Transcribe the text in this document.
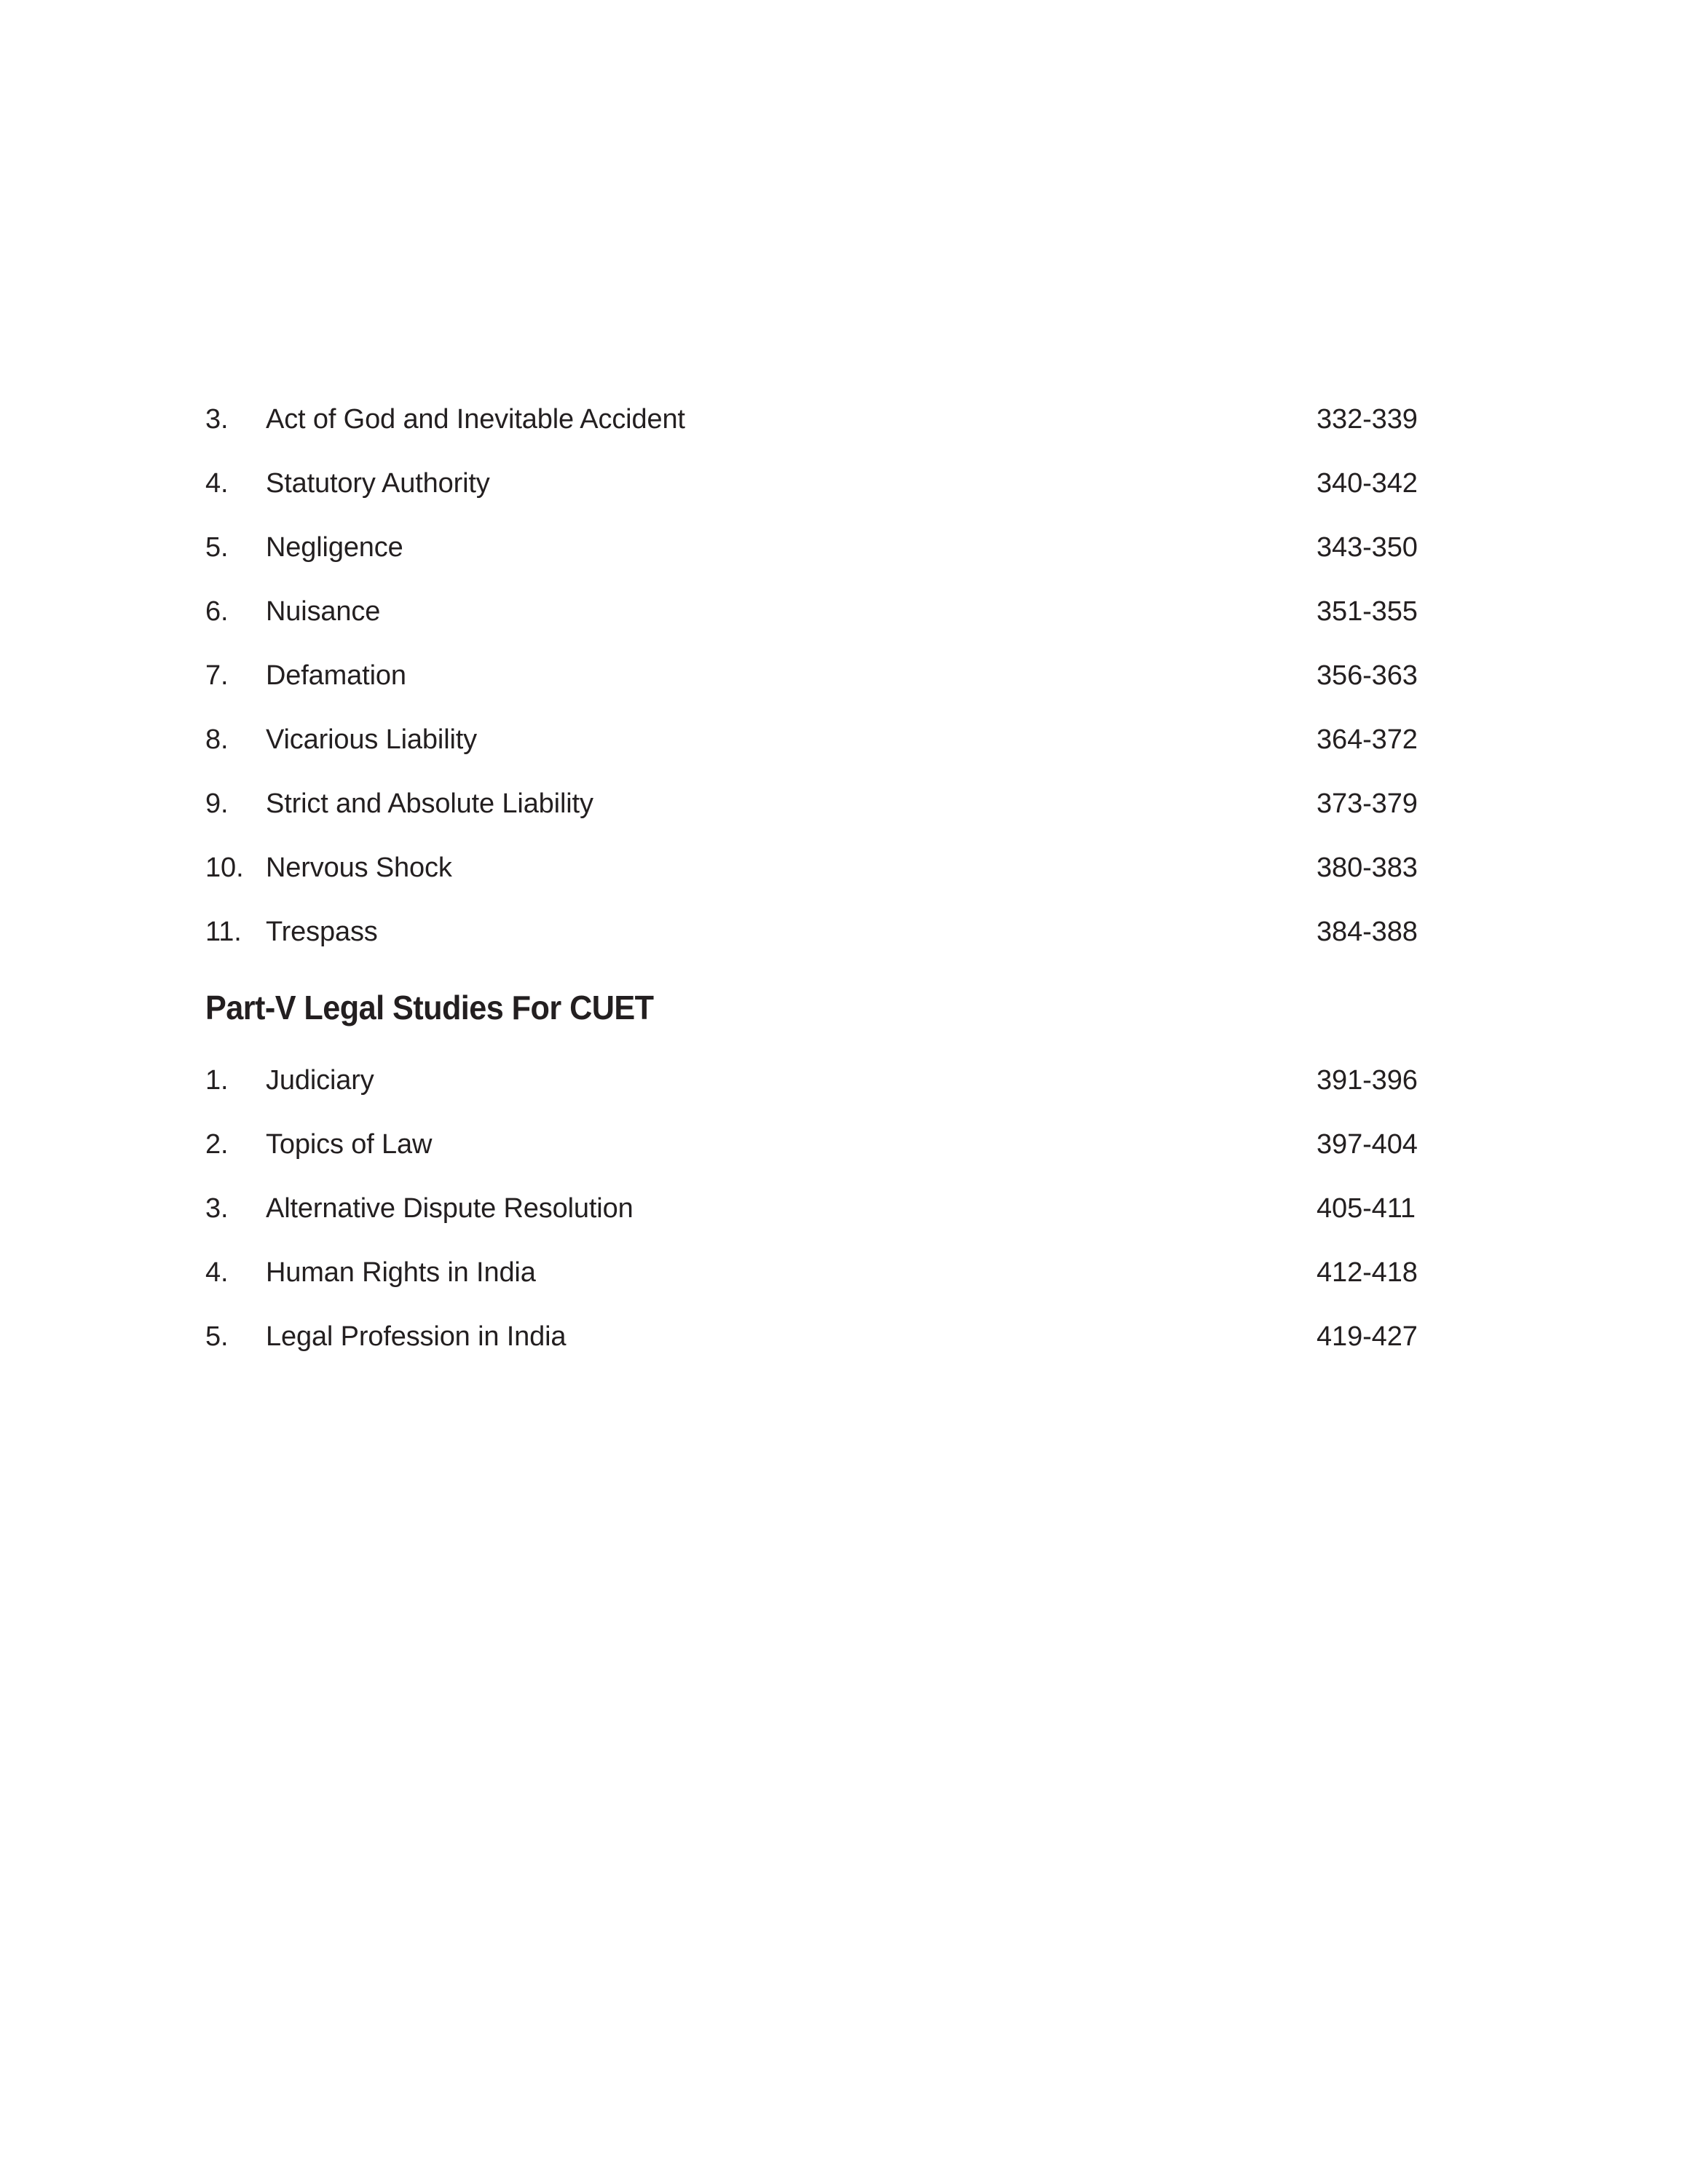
3.	Act of God and Inevitable Accident	332-339
4.	Statutory Authority	340-342
5.	Negligence	343-350
6.	Nuisance	351-355
7.	Defamation	356-363
8.	Vicarious Liability	364-372
9.	Strict and Absolute Liability	373-379
10. Nervous Shock	380-383
11. Trespass	384-388
Part-V Legal Studies For CUET
1.	Judiciary	391-396
2.	Topics of Law	397-404
3.	Alternative Dispute Resolution	405-411
4.	Human Rights in India	412-418
5.	Legal Profession in India	419-427
